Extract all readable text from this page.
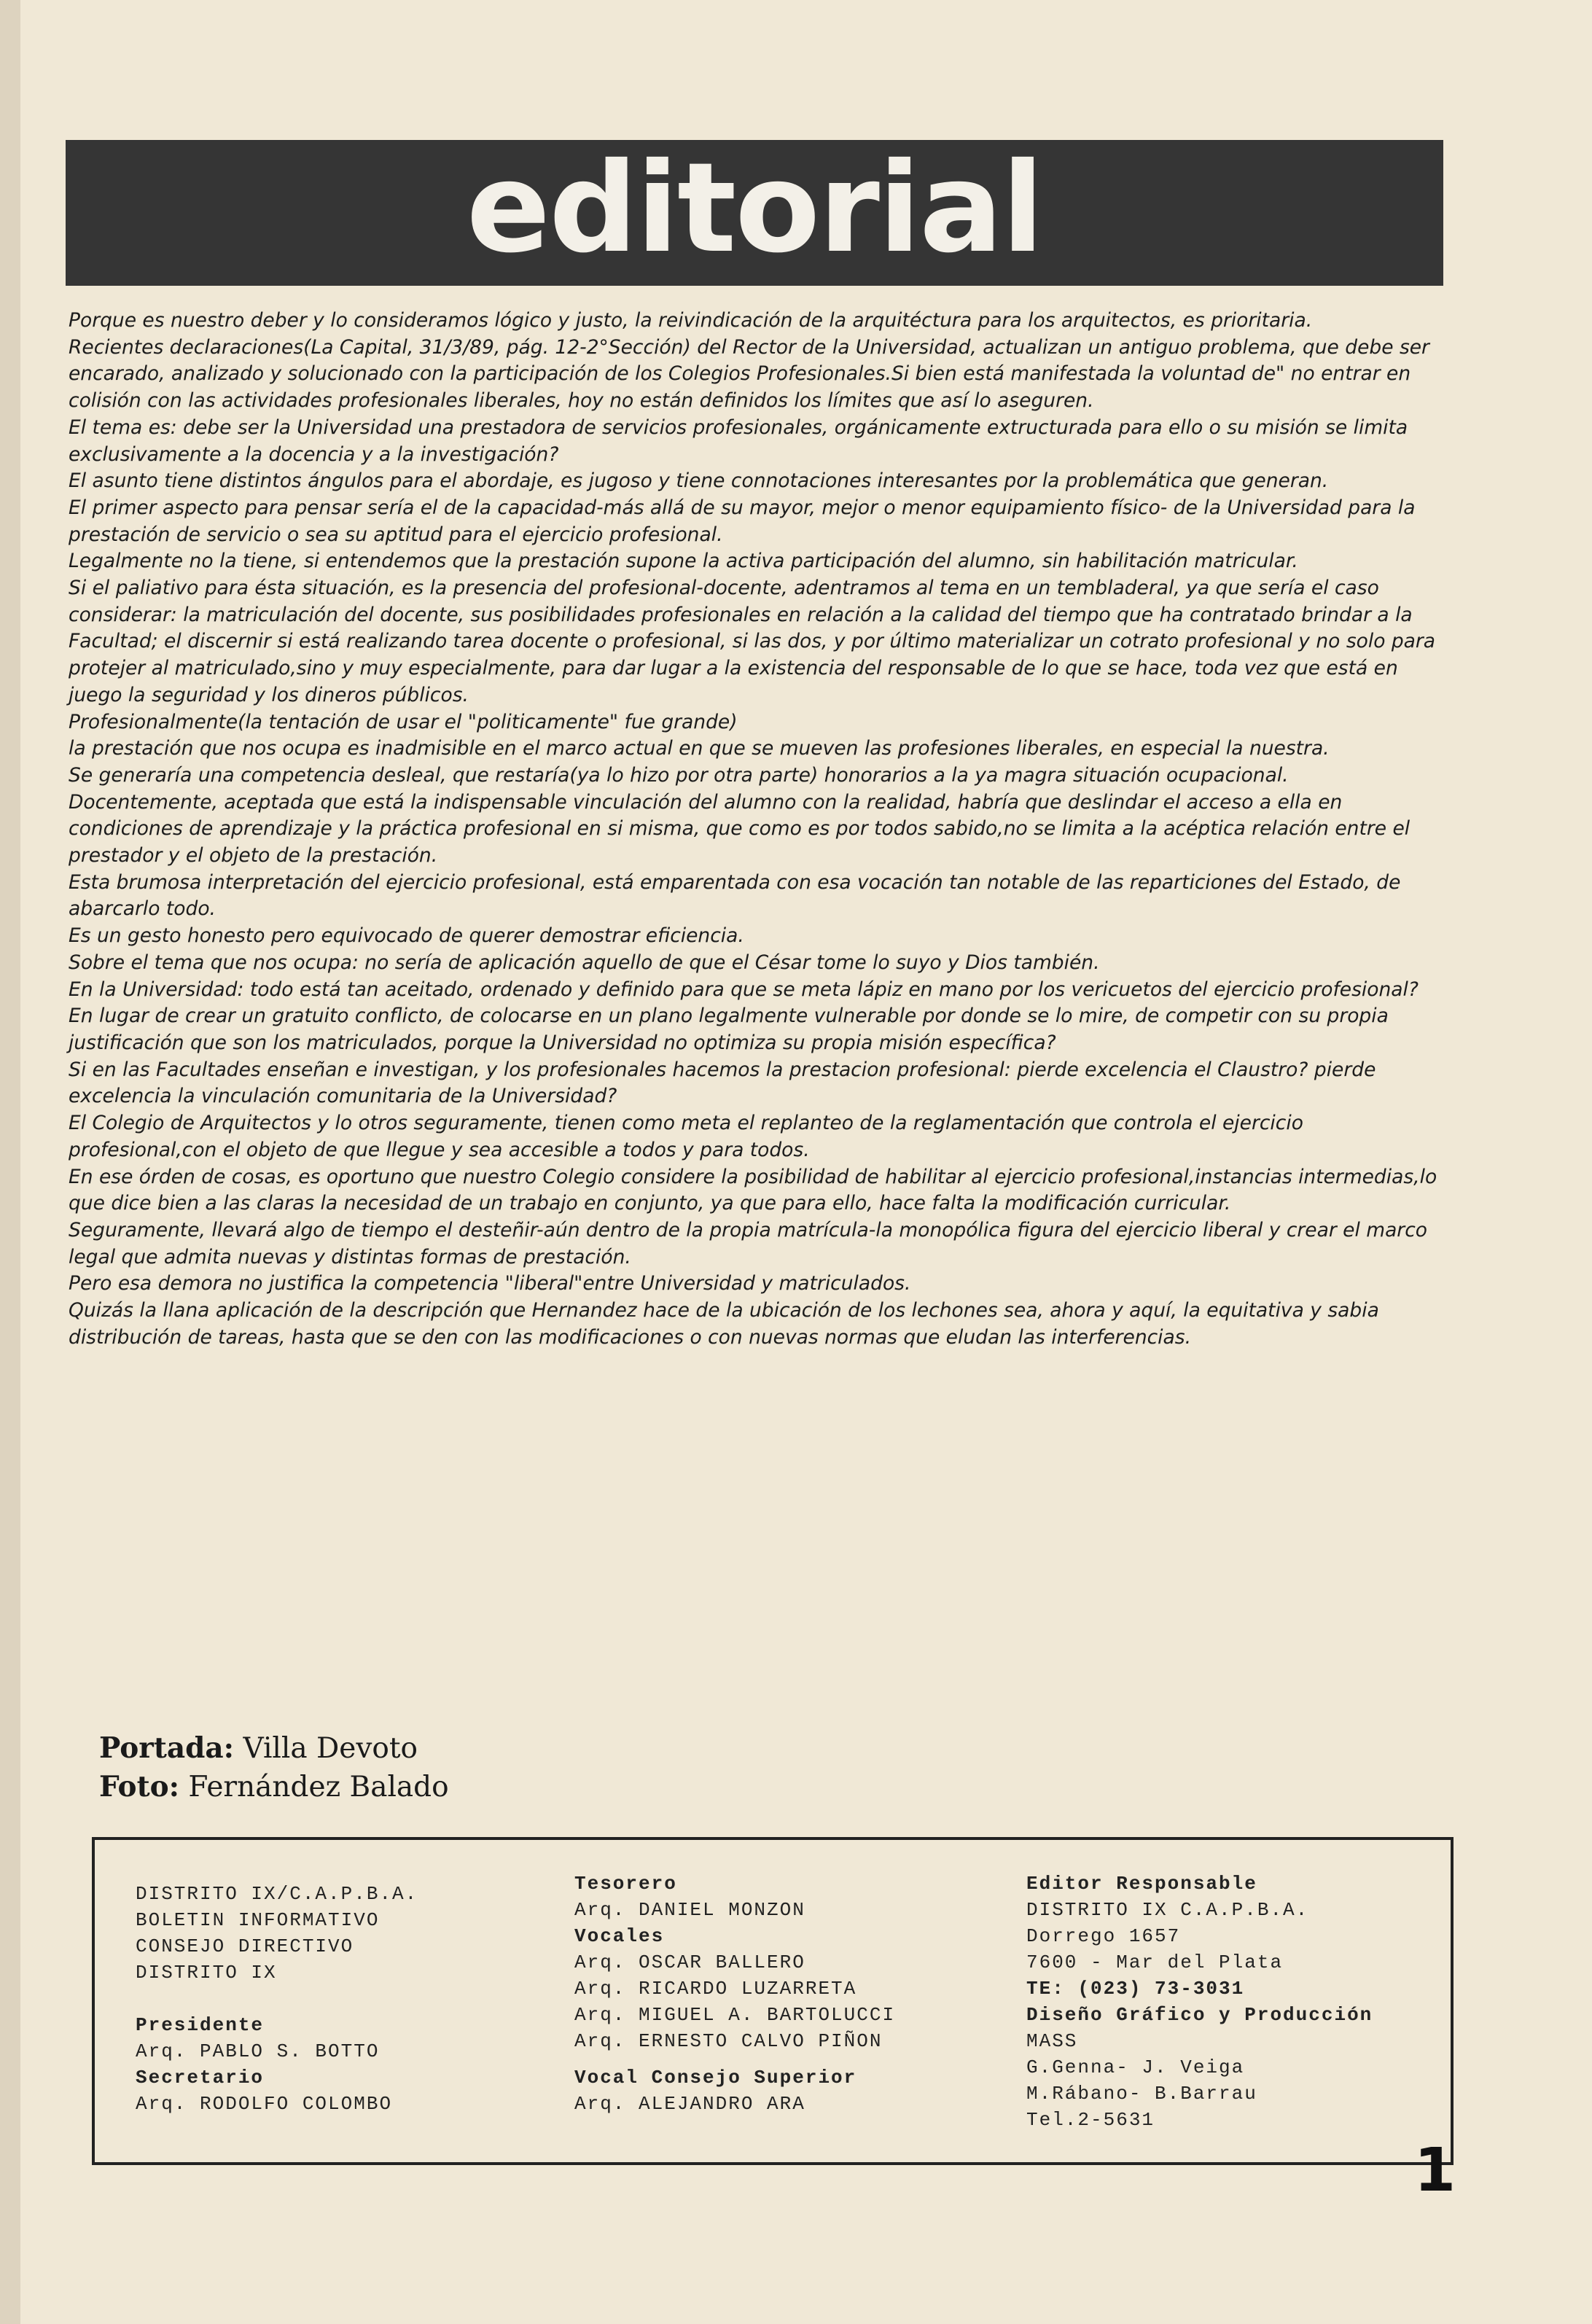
editorial

Porque es nuestro deber y lo consideramos lógico y justo, la reivindicación de la arquitéctura para los arquitectos, es prioritaria.

Recientes declaraciones(La Capital, 31/3/89, pág. 12-2°Sección) del Rector de la Universidad, actualizan un antiguo problema, que debe ser encarado, analizado y solucionado con la participación de los Colegios Profesionales.Si bien está manifestada la voluntad de" no entrar en colisión con las actividades profesionales liberales, hoy no están definidos los límites que así lo aseguren.

El tema es: debe ser la Universidad una prestadora de servicios profesionales, orgánicamente extructurada para ello o su misión se limita exclusivamente a la docencia y a la investigación?

El asunto tiene distintos ángulos para el abordaje, es jugoso y tiene connotaciones interesantes por la problemática que generan.

El primer aspecto para pensar sería el de la capacidad-más allá de su mayor, mejor o menor equipamiento físico- de la Universidad para la prestación de servicio o sea su aptitud para el ejercicio profesional.

Legalmente no la tiene, si entendemos que la prestación supone la activa participación del alumno, sin habilitación matricular.

Si el paliativo para ésta situación, es la presencia del profesional-docente, adentramos al tema en un tembladeral, ya que sería el caso considerar: la matriculación del docente, sus posibilidades profesionales en relación a la calidad del tiempo que ha contratado brindar a la Facultad; el discernir si está realizando tarea docente o profesional, si las dos, y por último materializar un cotrato profesional y no solo para protejer al matriculado,sino y muy especialmente, para dar lugar a la existencia del responsable de lo que se hace, toda vez que está en juego la seguridad y los dineros públicos.

Profesionalmente(la tentación de usar el "politicamente" fue grande)

la prestación que nos ocupa es inadmisible en el marco actual en que se mueven las profesiones liberales, en especial la nuestra.

Se generaría una competencia desleal, que restaría(ya lo hizo por otra parte) honorarios a la ya magra situación ocupacional.

Docentemente, aceptada que está la indispensable vinculación del alumno con la realidad, habría que deslindar el acceso a ella en condiciones de aprendizaje y la práctica profesional en si misma, que como es por todos sabido,no se limita a la acéptica relación entre el prestador y el objeto de la prestación.

Esta brumosa interpretación del ejercicio profesional, está emparentada con esa vocación tan notable de las reparticiones del Estado, de abarcarlo todo.

Es un gesto honesto pero equivocado de querer demostrar eficiencia.

Sobre el tema que nos ocupa: no sería de aplicación aquello de que el César tome lo suyo y Dios también.

En la Universidad: todo está tan aceitado, ordenado y definido para que se meta lápiz en mano por los vericuetos del ejercicio profesional?

En lugar de crear un gratuito conflicto, de colocarse en un plano legalmente vulnerable por donde se lo mire, de competir con su propia justificación que son los matriculados, porque la Universidad no optimiza su propia misión específica?

Si en las Facultades enseñan e investigan, y los profesionales hacemos la prestacion profesional: pierde excelencia el Claustro? pierde excelencia la vinculación comunitaria de la Universidad?

El Colegio de Arquitectos y lo otros seguramente, tienen como meta el replanteo de la reglamentación que controla el ejercicio profesional,con el objeto de que llegue y sea accesible a todos y para todos.

En ese órden de cosas, es oportuno que nuestro Colegio considere la posibilidad de habilitar al ejercicio profesional,instancias intermedias,lo que dice bien a las claras la necesidad de un trabajo en conjunto, ya que para ello, hace falta la modificación curricular.

Seguramente, llevará algo de tiempo el desteñir-aún dentro de la propia matrícula-la monopólica figura del ejercicio liberal y crear el marco legal que admita nuevas y distintas formas de prestación.

Pero esa demora no justifica la competencia "liberal"entre Universidad y matriculados.

Quizás la llana aplicación de la descripción que Hernandez hace de la ubicación de los lechones sea, ahora y aquí, la equitativa y sabia distribución de tareas, hasta que se den con las modificaciones o con nuevas normas que eludan las interferencias.

Portada: Villa Devoto
Foto: Fernández Balado
DISTRITO IX/C.A.P.B.A.
BOLETIN INFORMATIVO
CONSEJO DIRECTIVO
DISTRITO IX
Presidente
Arq. PABLO S. BOTTO
Secretario
Arq. RODOLFO COLOMBO
Tesorero
Arq. DANIEL MONZON
Vocales
Arq. OSCAR BALLERO
Arq. RICARDO LUZARRETA
Arq. MIGUEL A. BARTOLUCCI
Arq. ERNESTO CALVO PIÑON
Vocal Consejo Superior
Arq. ALEJANDRO ARA
Editor Responsable
DISTRITO IX C.A.P.B.A.
Dorrego 1657
7600 - Mar del Plata
TE: (023) 73-3031
Diseño Gráfico y Producción
MASS
G.Genna- J. Veiga
M.Rábano- B.Barrau
Tel.2-5631
1
